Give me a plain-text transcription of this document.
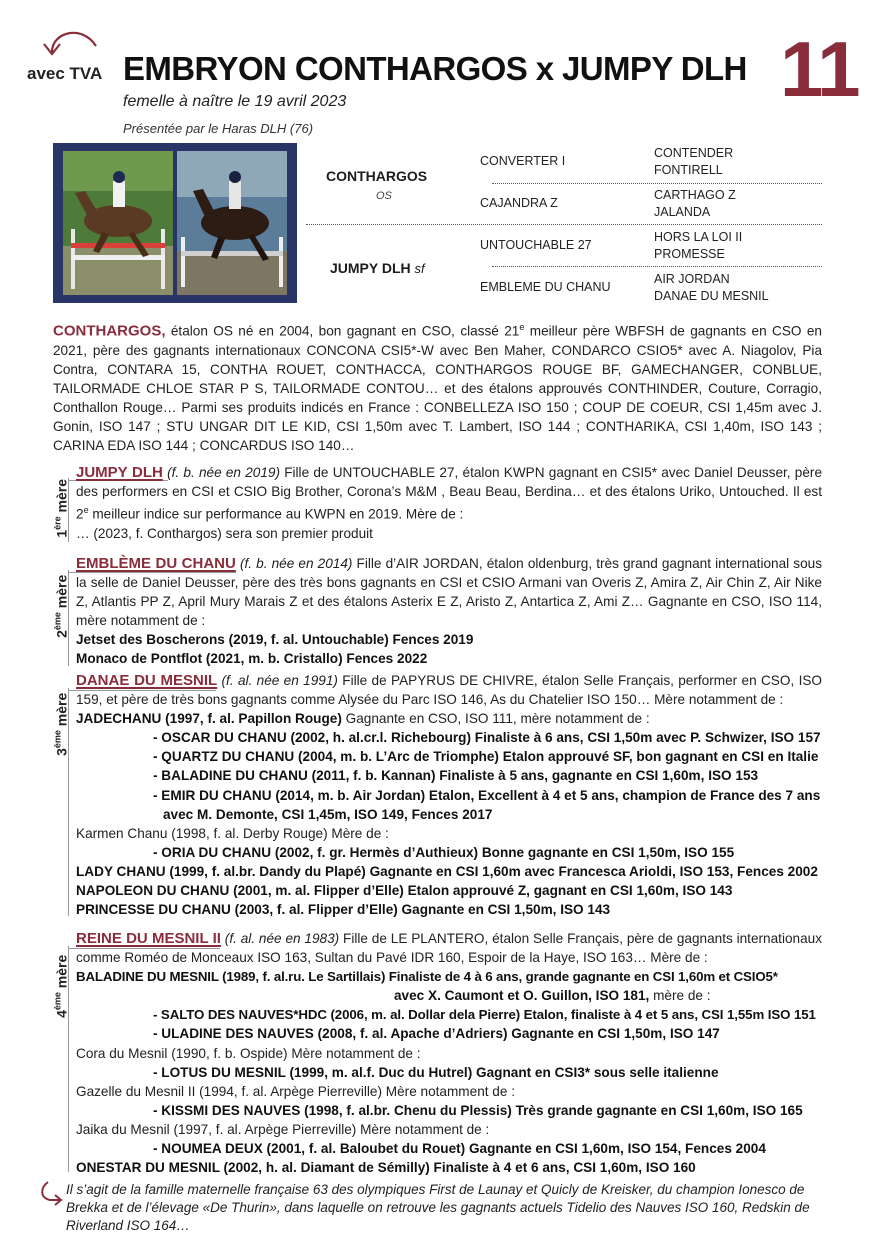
avec TVA EMBRYON CONTHARGOS x JUMPY DLH 11
femelle à naître le 19 avril 2023
Présentée par le Haras DLH (76)
CONTHARGOS
OS
JUMPY DLH sf
CONVERTER I
CAJANDRA Z
UNTOUCHABLE 27
EMBLEME DU CHANU
CONTENDER
FONTIRELL
CARTHAGO Z
JALANDA
HORS LA LOI II
PROMESSE
AIR JORDAN
DANAE DU MESNIL
CONTHARGOS, étalon OS né en 2004, bon gagnant en CSO, classé 21e meilleur père WBFSH de gagnants en CSO en 2021, père des gagnants internationaux CONCONA CSI5*-W avec Ben Maher, CONDARCO CSIO5* avec A. Niagolov, Pia Contra, CONTARA 15, CONTHA ROUET, CONTHACCA, CONTHARGOS ROUGE BF, GAMECHANGER, CONBLUE, TAILORMADE CHLOE STAR P S, TAILORMADE CONTOU… et des étalons approuvés CONTHINDER, Couture, Corragio, Conthallon Rouge… Parmi ses produits indicés en France : CONBELLEZA ISO 150 ; COUP DE COEUR, CSI 1,45m avec J. Gonin, ISO 147 ; STU UNGAR DIT LE KID, CSI 1,50m avec T. Lambert, ISO 144 ; CONTHARIKA, CSI 1,40m, ISO 143 ; CARINA EDA ISO 144 ; CONCARDUS ISO 140…
1ère mère
JUMPY DLH (f. b. née en 2019) Fille de UNTOUCHABLE 27, étalon KWPN gagnant en CSI5* avec Daniel Deusser, père des performers en CSI et CSIO Big Brother, Corona’s M&M , Beau Beau, Berdina… et des étalons Uriko, Untouched. Il est 2e meilleur indice sur performance au KWPN en 2019. Mère de :
… (2023, f. Conthargos) sera son premier produit
2ème mère
EMBLÈME DU CHANU (f. b. née en 2014) Fille d’AIR JORDAN, étalon oldenburg, très grand gagnant international sous la selle de Daniel Deusser, père des très bons gagnants en CSI et CSIO Armani van Overis Z, Amira Z, Air Chin Z, Air Nike Z, Atlantis PP Z, April Mury Marais Z et des étalons Asterix E Z, Aristo Z, Antartica Z, Ami Z… Gagnante en CSO, ISO 114, mère notamment de :
Jetset des Boscherons (2019, f. al. Untouchable) Fences 2019
Monaco de Pontflot (2021, m. b. Cristallo) Fences 2022
3ème mère
DANAE DU MESNIL (f. al. née en 1991) Fille de PAPYRUS DE CHIVRE, étalon Selle Français, performer en CSO, ISO 159, et père de très bons gagnants comme Alysée du Parc ISO 146, As du Chatelier ISO 150… Mère notamment de :
JADECHANU (1997, f. al. Papillon Rouge) Gagnante en CSO, ISO 111, mère notamment de :
- OSCAR DU CHANU (2002, h. al.cr.l. Richebourg) Finaliste à 6 ans, CSI 1,50m avec P. Schwizer, ISO 157
- QUARTZ DU CHANU (2004, m. b. L’Arc de Triomphe) Etalon approuvé SF, bon gagnant en CSI en Italie
- BALADINE DU CHANU (2011, f. b. Kannan) Finaliste à 5 ans, gagnante en CSI 1,60m, ISO 153
- EMIR DU CHANU (2014, m. b. Air Jordan) Etalon, Excellent à 4 et 5 ans, champion de France des 7 ans
avec M. Demonte, CSI 1,45m, ISO 149, Fences 2017
Karmen Chanu (1998, f. al. Derby Rouge) Mère de :
- ORIA DU CHANU (2002, f. gr. Hermès d’Authieux) Bonne gagnante en CSI 1,50m, ISO 155
LADY CHANU (1999, f. al.br. Dandy du Plapé) Gagnante en CSI 1,60m avec Francesca Arioldi, ISO 153, Fences 2002
NAPOLEON DU CHANU (2001, m. al. Flipper d’Elle) Etalon approuvé Z, gagnant en CSI 1,60m, ISO 143
PRINCESSE DU CHANU (2003, f. al. Flipper d’Elle) Gagnante en CSI 1,50m, ISO 143
4ème mère
REINE DU MESNIL II (f. al. née en 1983) Fille de LE PLANTERO, étalon Selle Français, père de gagnants internationaux comme Roméo de Monceaux ISO 163, Sultan du Pavé IDR 160, Espoir de la Haye, ISO 163… Mère de :
BALADINE DU MESNIL (1989, f. al.ru. Le Sartillais) Finaliste de 4 à 6 ans, grande gagnante en CSI 1,60m et CSIO5*
avec X. Caumont et O. Guillon, ISO 181, mère de :
- SALTO DES NAUVES*HDC (2006, m. al. Dollar dela Pierre) Etalon, finaliste à 4 et 5 ans, CSI 1,55m ISO 151
- ULADINE DES NAUVES (2008, f. al. Apache d’Adriers) Gagnante en CSI 1,50m, ISO 147
Cora du Mesnil (1990, f. b. Ospide) Mère notamment de :
- LOTUS DU MESNIL (1999, m. al.f. Duc du Hutrel) Gagnant en CSI3* sous selle italienne
Gazelle du Mesnil II (1994, f. al. Arpège Pierreville) Mère notamment de :
- KISSMI DES NAUVES (1998, f. al.br. Chenu du Plessis) Très grande gagnante en CSI 1,60m, ISO 165
Jaika du Mesnil (1997, f. al. Arpège Pierreville) Mère notamment de :
- NOUMEA DEUX (2001, f. al. Baloubet du Rouet) Gagnante en CSI 1,60m, ISO 154, Fences 2004
ONESTAR DU MESNIL (2002, h. al. Diamant de Sémilly) Finaliste à 4 et 6 ans, CSI 1,60m, ISO 160
Il s’agit de la famille maternelle française 63 des olympiques First de Launay et Quicly de Kreisker, du champion Ionesco de Brekka et de l’élevage «De Thurin», dans laquelle on retrouve les gagnants actuels Tidelio des Nauves ISO 160, Redskin de Riverland ISO 164…
